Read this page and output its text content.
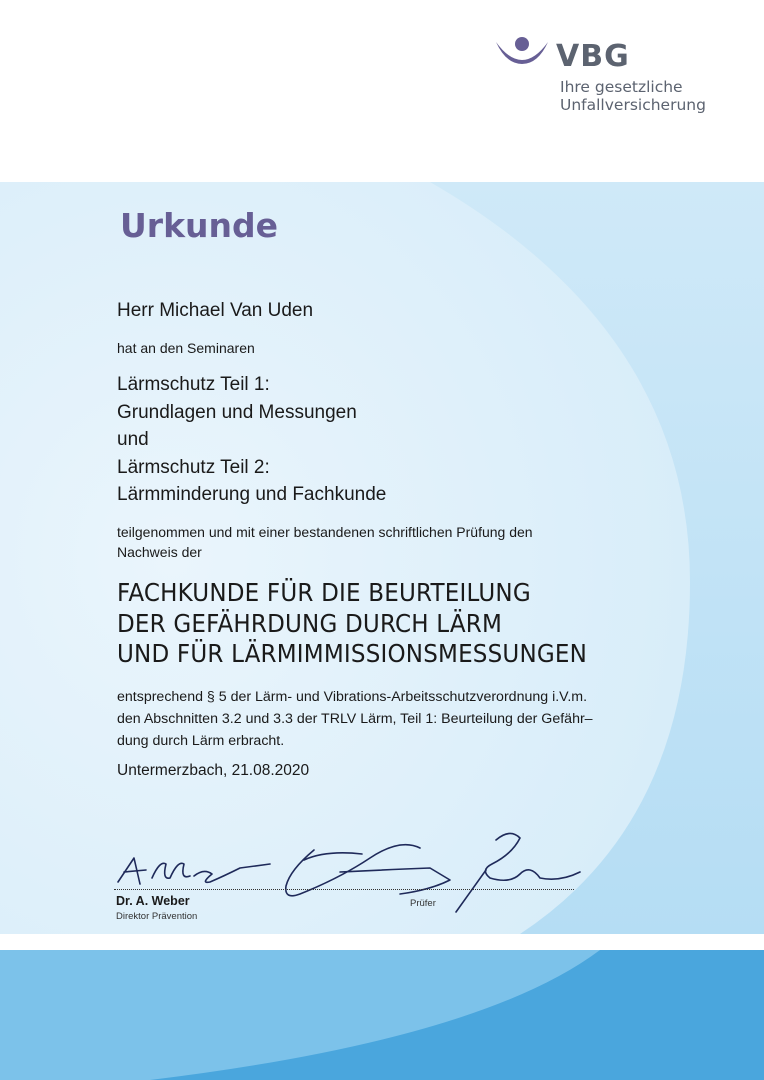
VBG
Ihre gesetzliche
Unfallversicherung
Urkunde

Herr Michael Van Uden

hat an den Seminaren

Lärmschutz Teil 1:
Grundlagen und Messungen
und
Lärmschutz Teil 2:
Lärmminderung und Fachkunde
teilgenommen und mit einer bestandenen schriftlichen Prüfung den
Nachweis der
FACHKUNDE FÜR DIE BEURTEILUNG
DER GEFÄHRDUNG DURCH LÄRM
UND FÜR LÄRMIMMISSIONSMESSUNGEN
entsprechend § 5 der Lärm- und Vibrations-Arbeitsschutzverordnung i.V.m.
den Abschnitten 3.2 und 3.3 der TRLV Lärm, Teil 1: Beurteilung der Gefähr–
dung durch Lärm erbracht.

Untermerzbach, 21.08.2020

Dr. A. Weber
Direktor Prävention
Prüfer
